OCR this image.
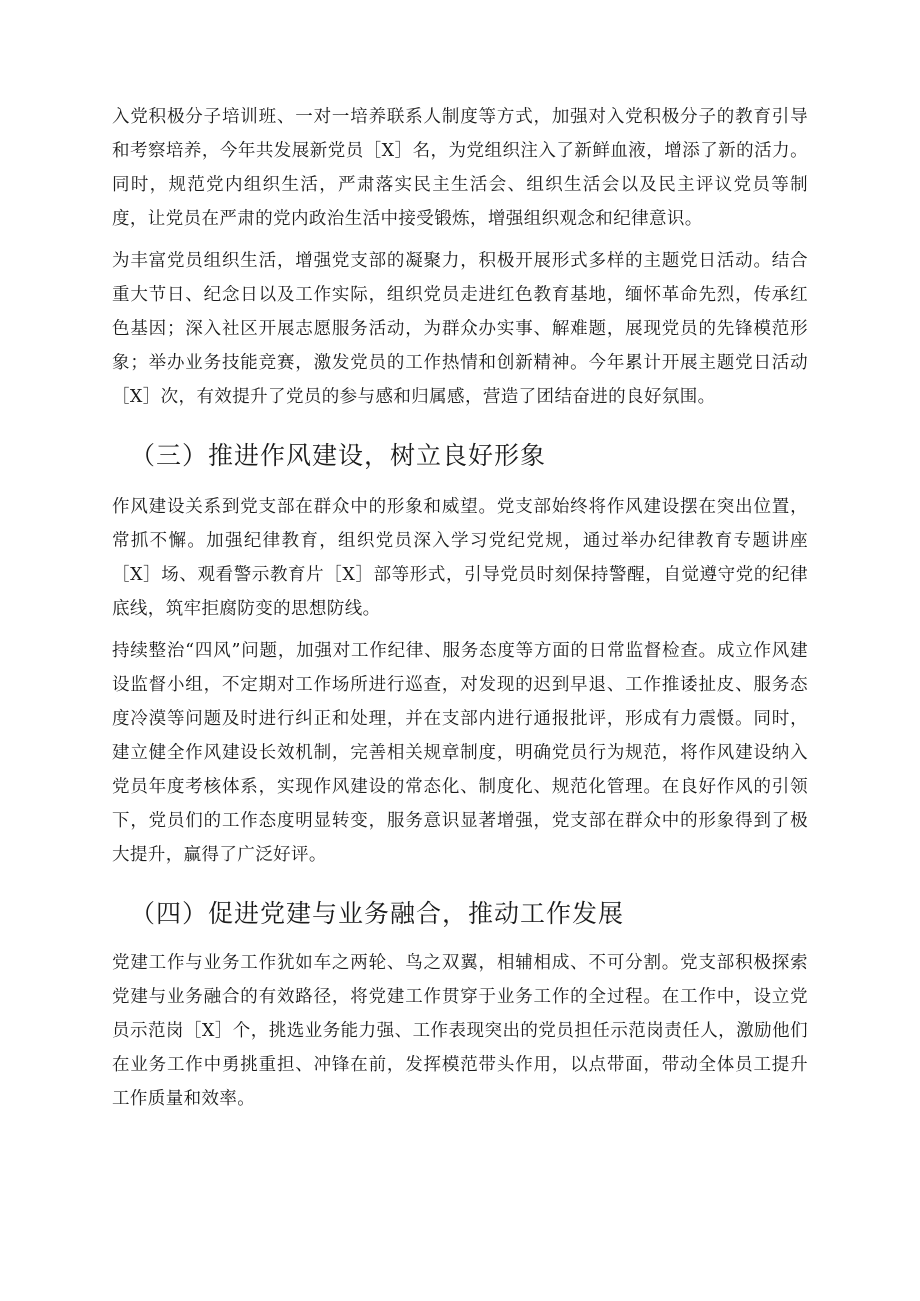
入党积极分子培训班、一对一培养联系人制度等方式，加强对入党积极分子的教育引导和考察培养，今年共发展新党员［X］名，为党组织注入了新鲜血液，增添了新的活力。同时，规范党内组织生活，严肃落实民主生活会、组织生活会以及民主评议党员等制度，让党员在严肃的党内政治生活中接受锻炼，增强组织观念和纪律意识。

为丰富党员组织生活，增强党支部的凝聚力，积极开展形式多样的主题党日活动。结合重大节日、纪念日以及工作实际，组织党员走进红色教育基地，缅怀革命先烈，传承红色基因；深入社区开展志愿服务活动，为群众办实事、解难题，展现党员的先锋模范形象；举办业务技能竞赛，激发党员的工作热情和创新精神。今年累计开展主题党日活动［X］次，有效提升了党员的参与感和归属感，营造了团结奋进的良好氛围。

（三）推进作风建设，树立良好形象

作风建设关系到党支部在群众中的形象和威望。党支部始终将作风建设摆在突出位置，常抓不懈。加强纪律教育，组织党员深入学习党纪党规，通过举办纪律教育专题讲座［X］场、观看警示教育片［X］部等形式，引导党员时刻保持警醒，自觉遵守党的纪律底线，筑牢拒腐防变的思想防线。

持续整治“四风”问题，加强对工作纪律、服务态度等方面的日常监督检查。成立作风建设监督小组，不定期对工作场所进行巡查，对发现的迟到早退、工作推诿扯皮、服务态度冷漠等问题及时进行纠正和处理，并在支部内进行通报批评，形成有力震慑。同时，建立健全作风建设长效机制，完善相关规章制度，明确党员行为规范，将作风建设纳入党员年度考核体系，实现作风建设的常态化、制度化、规范化管理。在良好作风的引领下，党员们的工作态度明显转变，服务意识显著增强，党支部在群众中的形象得到了极大提升，赢得了广泛好评。

（四）促进党建与业务融合，推动工作发展

党建工作与业务工作犹如车之两轮、鸟之双翼，相辅相成、不可分割。党支部积极探索党建与业务融合的有效路径，将党建工作贯穿于业务工作的全过程。在工作中，设立党员示范岗［X］个，挑选业务能力强、工作表现突出的党员担任示范岗责任人，激励他们在业务工作中勇挑重担、冲锋在前，发挥模范带头作用，以点带面，带动全体员工提升工作质量和效率。
